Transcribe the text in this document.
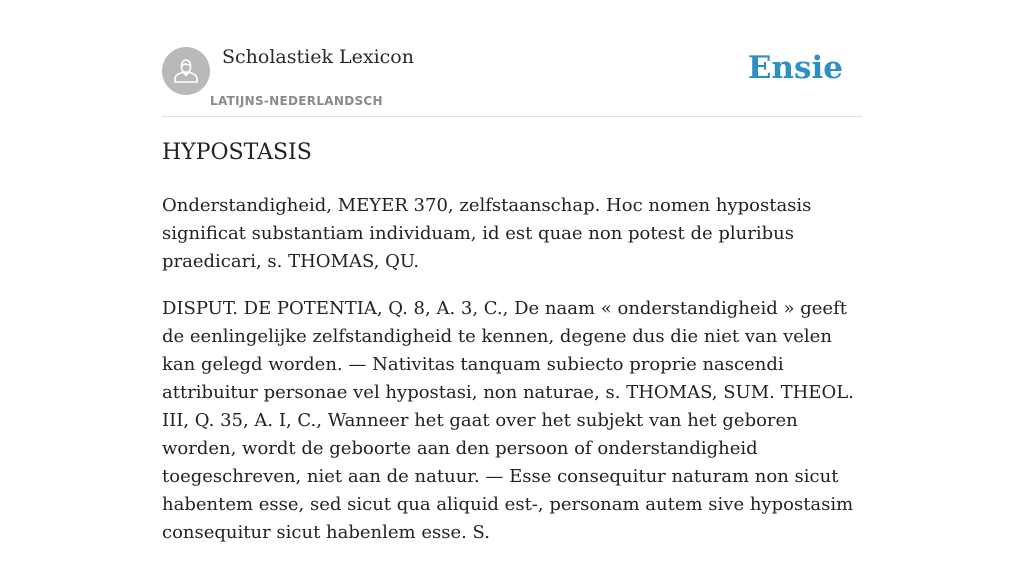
Scholastiek Lexicon
LATIJNS-NEDERLANDSCH
Ensie
HYPOSTASIS

Onderstandigheid, MEYER 370, zelfstaanschap. Hoc nomen hypostasis significat substantiam individuam, id est quae non potest de pluribus praedicari, s. THOMAS, QU.

DISPUT. DE POTENTIA, Q. 8, A. 3, C., De naam « onderstandigheid » geeft de eenlingelijke zelfstandigheid te kennen, degene dus die niet van velen kan gelegd worden. — Nativitas tanquam subiecto proprie nascendi attribuitur personae vel hypostasi, non naturae, s. THOMAS, SUM. THEOL. III, Q. 35, A. I, C., Wanneer het gaat over het subjekt van het geboren worden, wordt de geboorte aan den persoon of onderstandigheid toegeschreven, niet aan de natuur. — Esse consequitur naturam non sicut habentem esse, sed sicut qua aliquid est-, personam autem sive hypostasim consequitur sicut habenlem esse. S.
